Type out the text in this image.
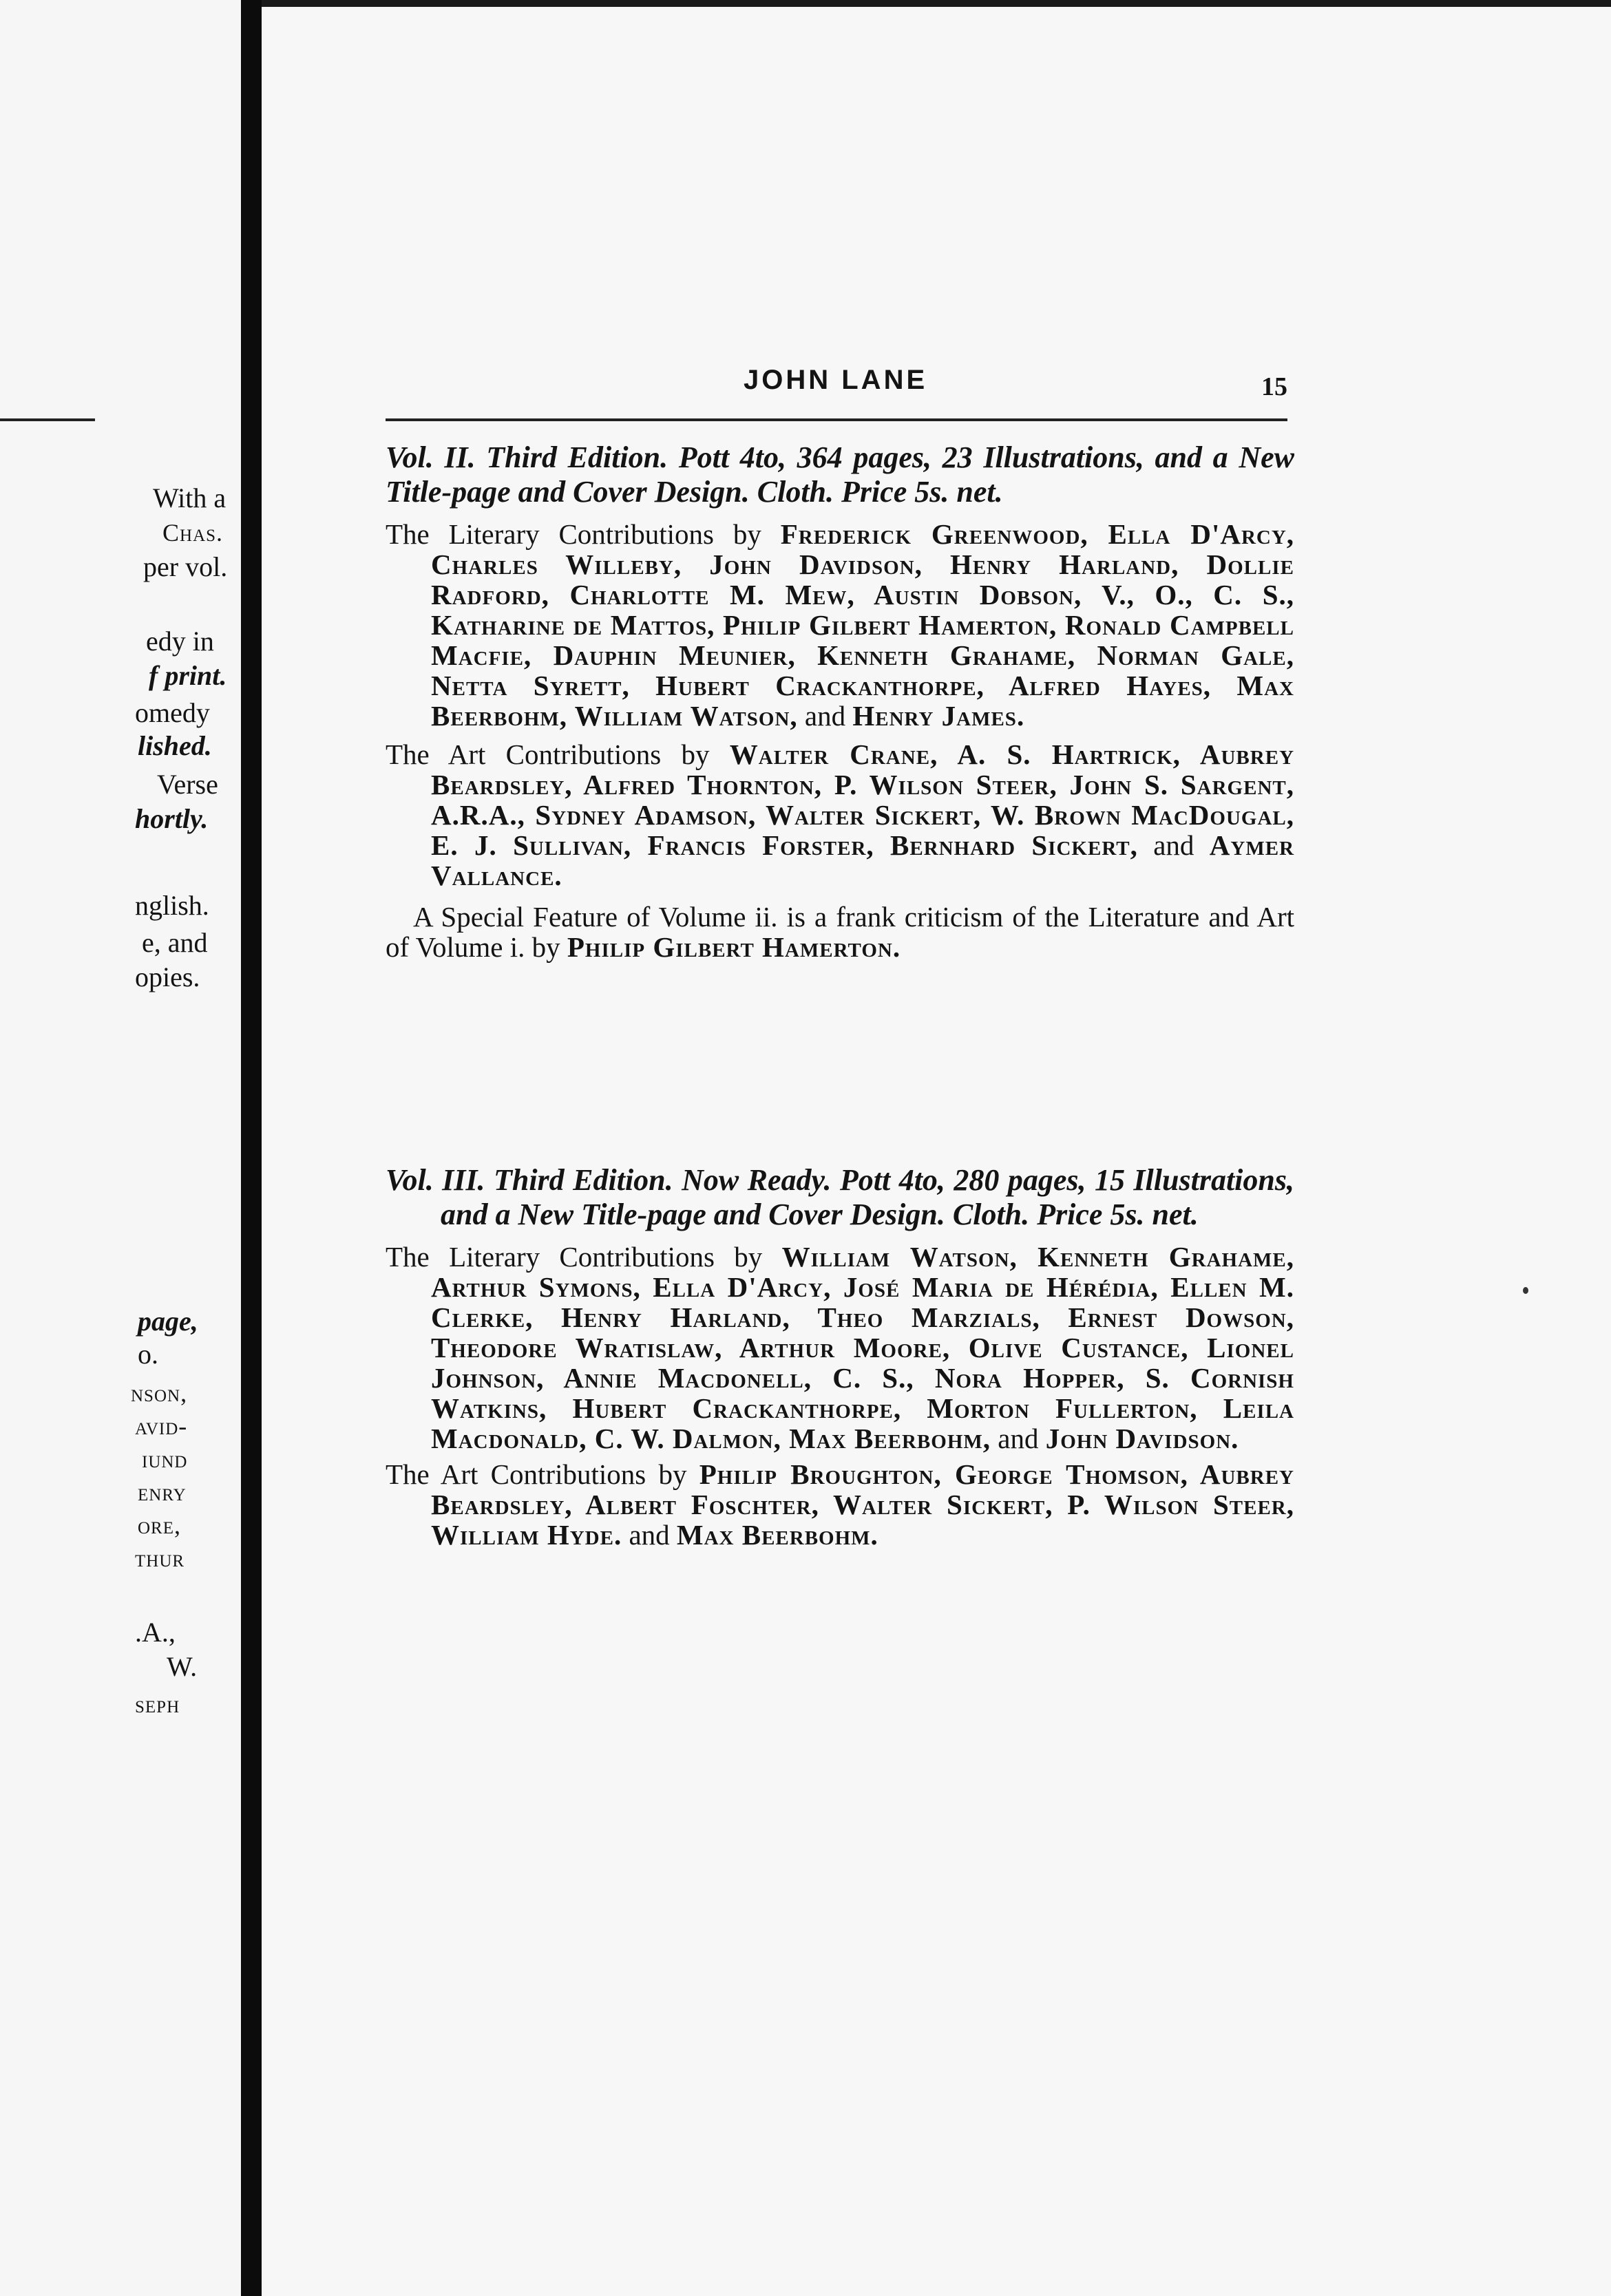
With a
Chas.
per vol.
edy in
f print.
omedy
lished.
Verse
hortly.
nglish.
e, and
opies.
page,
o.
nson,
avid-
iund
enry
ore,
thur
.A.,
W.
seph
JOHN LANE	15

Vol. II. Third Edition. Pott 4to, 364 pages, 23 Illustrations, and a New Title-page and Cover Design. Cloth. Price 5s. net.

The Literary Contributions by Frederick Greenwood, Ella D'Arcy, Charles Willeby, John Davidson, Henry Harland, Dollie Radford, Charlotte M. Mew, Austin Dobson, V., O., C. S., Katharine de Mattos, Philip Gilbert Hamerton, Ronald Campbell Macfie, Dauphin Meunier, Kenneth Grahame, Norman Gale, Netta Syrett, Hubert Crackanthorpe, Alfred Hayes, Max Beerbohm, William Watson, and Henry James.

The Art Contributions by Walter Crane, A. S. Hartrick, Aubrey Beardsley, Alfred Thornton, P. Wilson Steer, John S. Sargent, A.R.A., Sydney Adamson, Walter Sickert, W. Brown MacDougal, E. J. Sullivan, Francis Forster, Bernhard Sickert, and Aymer Vallance.

A Special Feature of Volume ii. is a frank criticism of the Literature and Art of Volume i. by Philip Gilbert Hamerton.

Vol. III. Third Edition. Now Ready. Pott 4to, 280 pages, 15 Illustrations, and a New Title-page and Cover Design. Cloth. Price 5s. net.

The Literary Contributions by William Watson, Kenneth Grahame, Arthur Symons, Ella D'Arcy, José Maria de Hérédia, Ellen M. Clerke, Henry Harland, Theo Marzials, Ernest Dowson, Theodore Wratislaw, Arthur Moore, Olive Custance, Lionel Johnson, Annie Macdonell, C. S., Nora Hopper, S. Cornish Watkins, Hubert Crackanthorpe, Morton Fullerton, Leila Macdonald, C. W. Dalmon, Max Beerbohm, and John Davidson.

The Art Contributions by Philip Broughton, George Thomson, Aubrey Beardsley, Albert Foschter, Walter Sickert, P. Wilson Steer, William Hyde. and Max Beerbohm.
